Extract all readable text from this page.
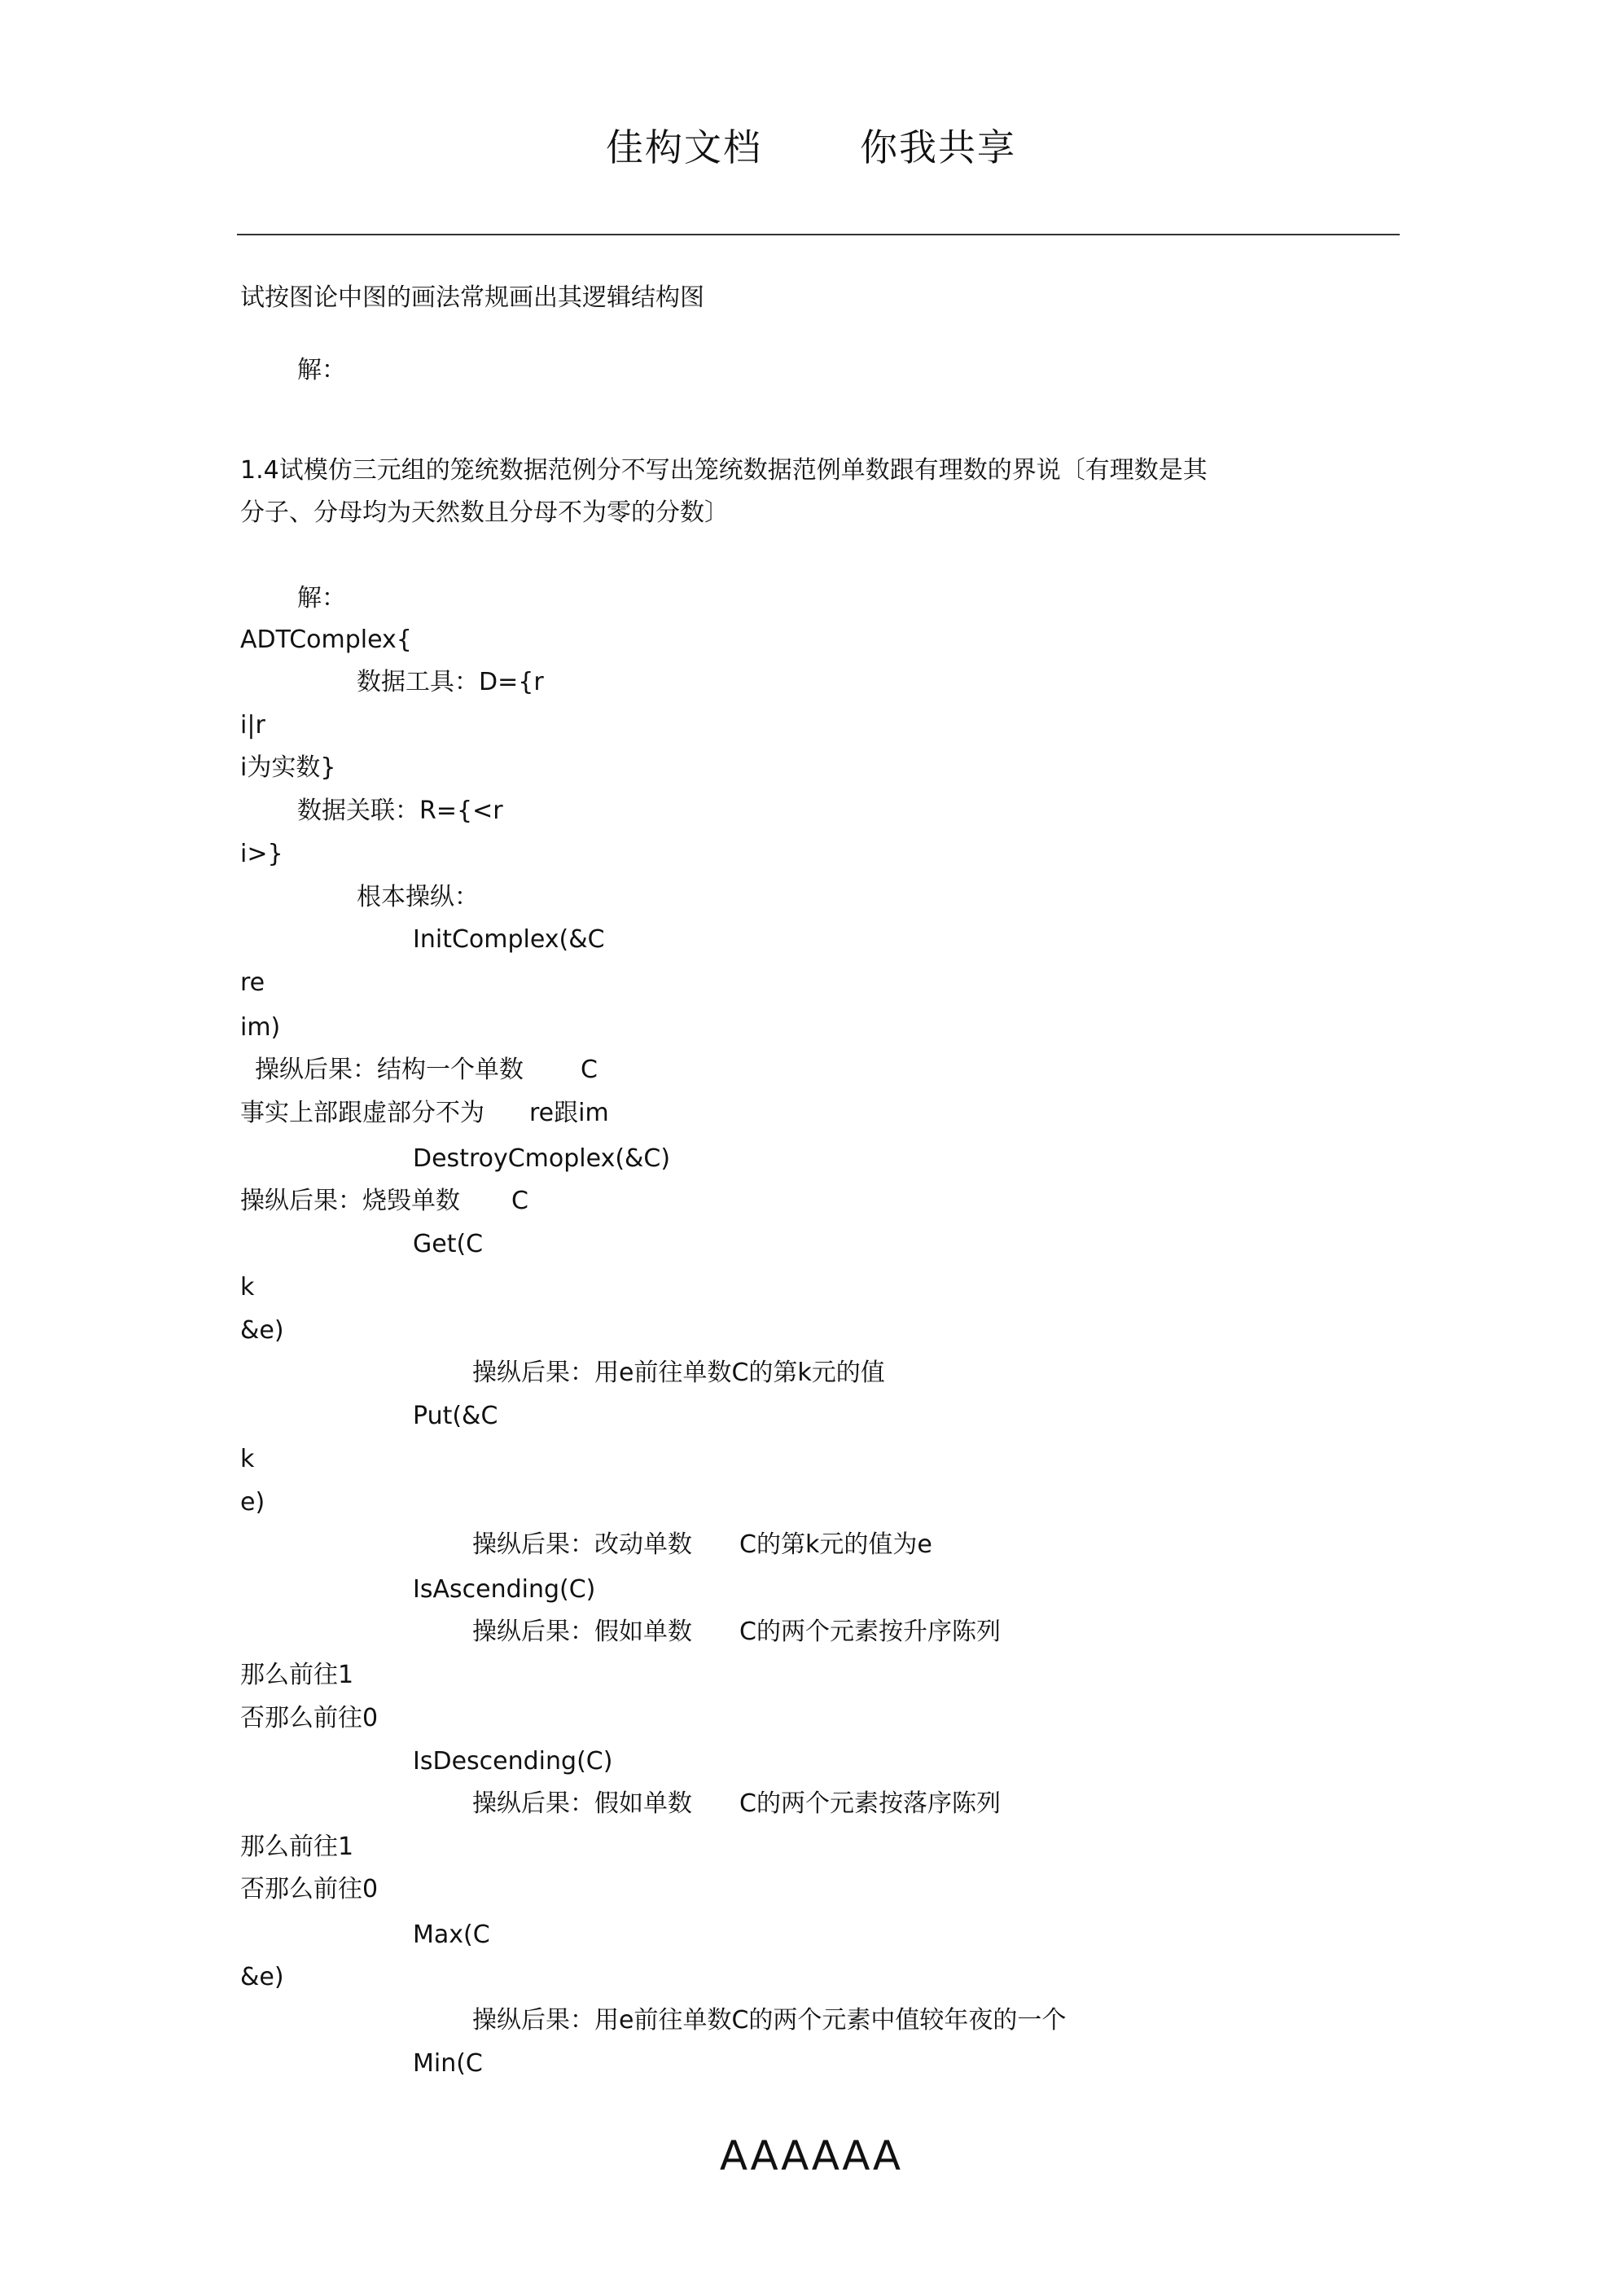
佳构文档	你我共享
试按图论中图的画法常规画出其逻辑结构图
解：
1.4试模仿三元组的笼统数据范例分不写出笼统数据范例单数跟有理数的界说〔有理数是其
分子、分母均为天然数且分母不为零的分数〕
解：
ADTComplex{
数据工具：D={r
i|r
i为实数}
数据关联：R={<r
i>}
根本操纵：
InitComplex(&C
re
im)
操纵后果：结构一个单数 C
事实上部跟虚部分不为 re跟im
DestroyCmoplex(&C)
操纵后果：烧毁单数 C
Get(C
k
&e)
操纵后果：用e前往单数C的第k元的值
Put(&C
k
e)
操纵后果：改动单数 C的第k元的值为e
IsAscending(C)
操纵后果：假如单数 C的两个元素按升序陈列
那么前往1
否那么前往0
IsDescending(C)
操纵后果：假如单数 C的两个元素按落序陈列
那么前往1
否那么前往0
Max(C
&e)
操纵后果：用e前往单数C的两个元素中值较年夜的一个
Min(C
AAAAAA
